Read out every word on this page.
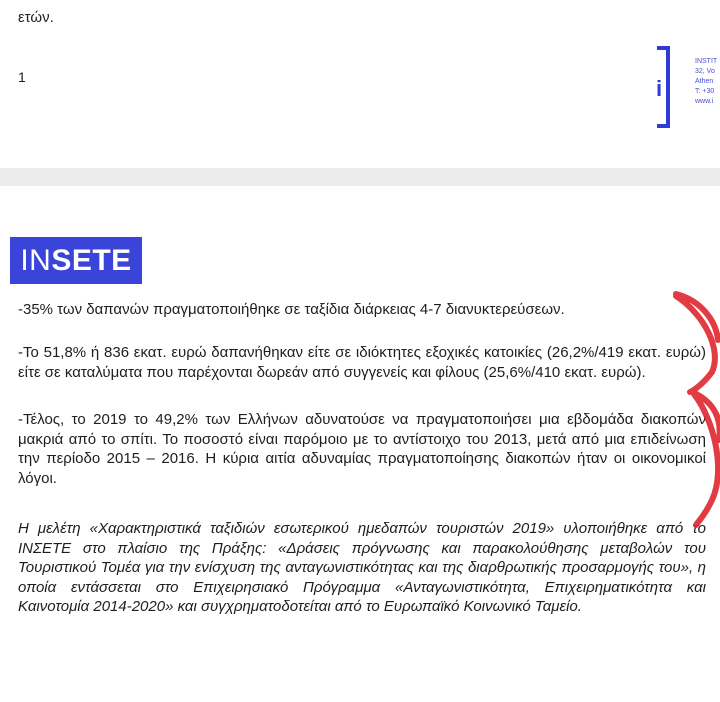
ετών.
1	i
INSTIT
32, Vo
Athen
T: +30
www.i
INSETE
-35% των δαπανών πραγματοποιήθηκε σε ταξίδια διάρκειας 4-7 διανυκτερεύσεων.
-Το 51,8% ή 836 εκατ. ευρώ δαπανήθηκαν είτε σε ιδιόκτητες εξοχικές κατοικίες (26,2%/419 εκατ. ευρώ) είτε σε καταλύματα που παρέχονται δωρεάν από συγγενείς και φίλους (25,6%/410 εκατ. ευρώ).
-Τέλος, το 2019 το 49,2% των Ελλήνων αδυνατούσε να πραγματοποιήσει μια εβδομάδα διακοπών μακριά από το σπίτι. Το ποσοστό είναι παρόμοιο με το αντίστοιχο του 2013, μετά από μια επιδείνωση την περίοδο 2015 – 2016. Η κύρια αιτία αδυναμίας πραγματοποίησης διακοπών ήταν οι οικονομικοί λόγοι.
Η μελέτη «Χαρακτηριστικά ταξιδιών εσωτερικού ημεδαπών τουριστών 2019» υλοποιήθηκε από το ΙΝΣΕΤΕ στο πλαίσιο της Πράξης: «Δράσεις πρόγνωσης και παρακολούθησης μεταβολών του Τουριστικού Τομέα για την ενίσχυση της ανταγωνιστικότητας και της διαρθρωτικής προσαρμογής του», η οποία εντάσσεται στο Επιχειρησιακό Πρόγραμμα «Ανταγωνιστικότητα, Επιχειρηματικότητα και Καινοτομία 2014-2020» και συγχρηματοδοτείται από το Ευρωπαϊκό Κοινωνικό Ταμείο.
